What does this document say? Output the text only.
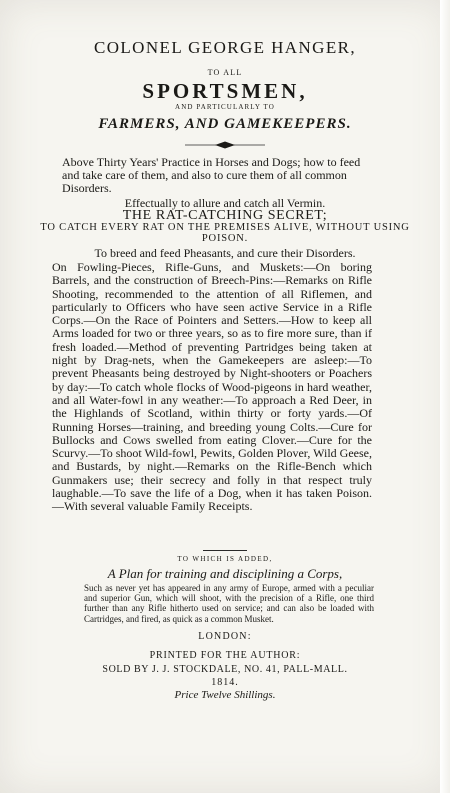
COLONEL GEORGE HANGER,
TO ALL
SPORTSMEN,
AND PARTICULARLY TO
FARMERS, AND GAMEKEEPERS.
Above Thirty Years' Practice in Horses and Dogs; how to feed and take care of them, and also to cure them of all common Disorders.
Effectually to allure and catch all Vermin.
THE RAT-CATCHING SECRET;
TO CATCH EVERY RAT ON THE PREMISES ALIVE, WITHOUT USING POISON.
To breed and feed Pheasants, and cure their Disorders.
On Fowling-Pieces, Rifle-Guns, and Muskets:—On boring Barrels, and the construction of Breech-Pins:—Remarks on Rifle Shooting, recommended to the attention of all Riflemen, and particularly to Officers who have seen active Service in a Rifle Corps.—On the Race of Pointers and Setters.—How to keep all Arms loaded for two or three years, so as to fire more sure, than if fresh loaded.—Method of preventing Partridges being taken at night by Drag-nets, when the Gamekeepers are asleep:—To prevent Pheasants being destroyed by Night-shooters or Poachers by day:—To catch whole flocks of Wood-pigeons in hard weather, and all Water-fowl in any weather:—To approach a Red Deer, in the Highlands of Scotland, within thirty or forty yards.—Of Running Horses—training, and breeding young Colts.—Cure for Bullocks and Cows swelled from eating Clover.—Cure for the Scurvy.—To shoot Wild-fowl, Pewits, Golden Plover, Wild Geese, and Bustards, by night.—Remarks on the Rifle-Bench which Gunmakers use; their secrecy and folly in that respect truly laughable.—To save the life of a Dog, when it has taken Poison.—With several valuable Family Receipts.
TO WHICH IS ADDED,
A Plan for training and disciplining a Corps,
Such as never yet has appeared in any army of Europe, armed with a peculiar and superior Gun, which will shoot, with the precision of a Rifle, one third further than any Rifle hitherto used on service; and can also be loaded with Cartridges, and fired, as quick as a common Musket.
LONDON:
PRINTED FOR THE AUTHOR:
SOLD BY J. J. STOCKDALE, NO. 41, PALL-MALL.
1814.
Price Twelve Shillings.
